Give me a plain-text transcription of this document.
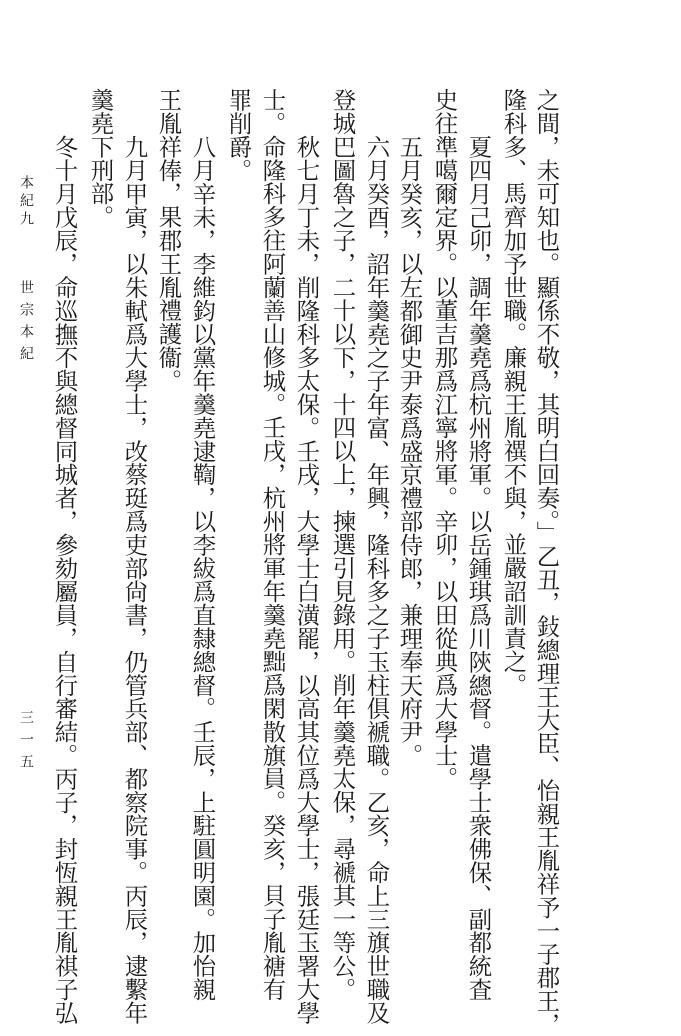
之間，未可知也。顯係不敬，其明白回奏。」乙丑，鈙總理王大臣、怡親王胤祥予一子郡王，
隆科多、馬齊加予世職。廉親王胤禩不與，並嚴詔訓責之。
夏四月己卯，調年羹堯爲杭州將軍。以岳鍾琪爲川陝總督。遣學士衆佛保、副都統査
史往準噶爾定界。以董吉那爲江寧將軍。辛卯，以田從典爲大學士。
五月癸亥，以左都御史尹泰爲盛京禮部侍郎，兼理奉天府尹。
六月癸酉，詔年羹堯之子年富、年興，隆科多之子玉柱俱褫職。乙亥，命上三旗世職及
登城巴圖魯之子，二十以下，十四以上，揀選引見錄用。削年羹堯太保，尋褫其一等公。
秋七月丁未，削隆科多太保。壬戌，大學士白潢罷，以高其位爲大學士，張廷玉署大學
士。命隆科多往阿蘭善山修城。壬戌，杭州將軍年羹堯黜爲閑散旗員。癸亥，貝子胤禟有
罪削爵。
八月辛未，李維鈞以黨年羹堯逮鞫，以李紱爲直隸總督。壬辰，上駐圓明園。加怡親
王胤祥俸，果郡王胤禮護衞。
九月甲寅，以朱軾爲大學士，改蔡珽爲吏部尙書，仍管兵部、都察院事。丙辰，逮繫年
羹堯下刑部。
冬十月戊辰，命巡撫不與總督同城者，參劾屬員，自行審結。丙子，封恆親王胤祺子弘
本紀九
世宗本紀
三一五
